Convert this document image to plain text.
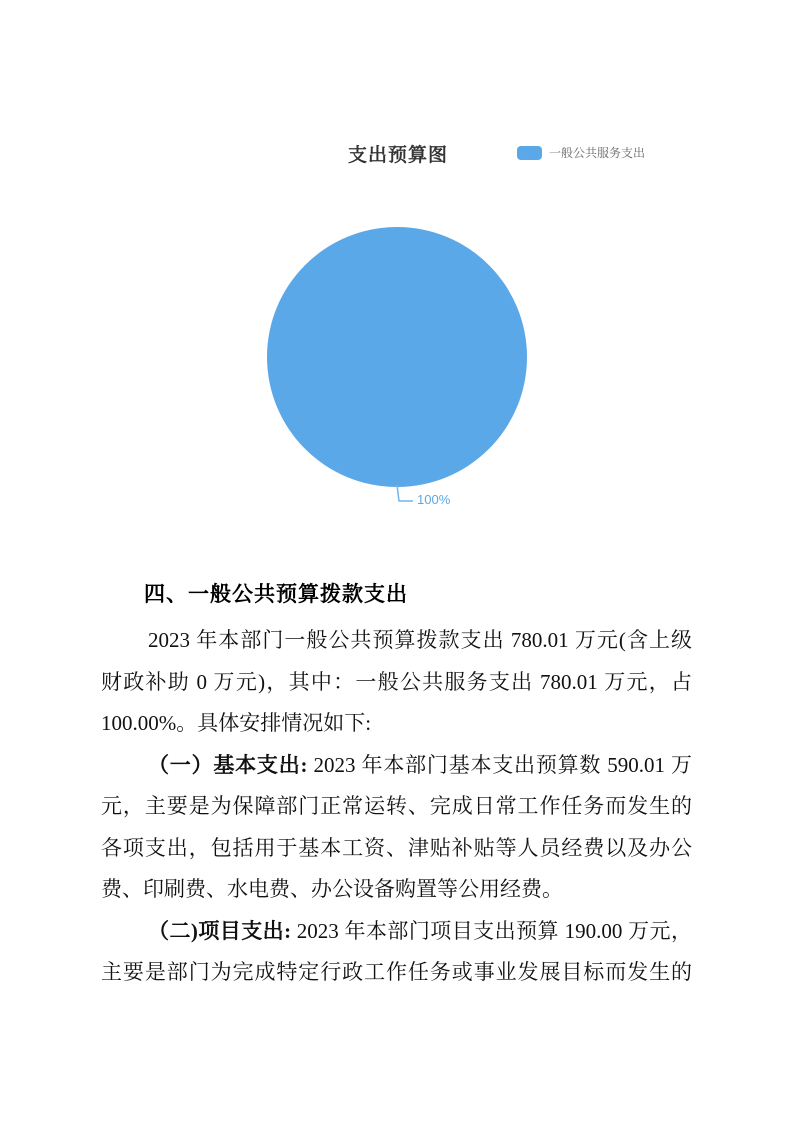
支出预算图	一般公共服务支出
100%
四、一般公共预算拨款支出
2023 年本部门一般公共预算拨款支出 780.01 万元(含上级
财政补助 0 万元)，其中：一般公共服务支出 780.01 万元，占
100.00%。具体安排情况如下:
（一）基本支出: 2023 年本部门基本支出预算数 590.01 万
元，主要是为保障部门正常运转、完成日常工作任务而发生的
各项支出，包括用于基本工资、津贴补贴等人员经费以及办公
费、印刷费、水电费、办公设备购置等公用经费。
（二)项目支出: 2023 年本部门项目支出预算 190.00 万元，
主要是部门为完成特定行政工作任务或事业发展目标而发生的
